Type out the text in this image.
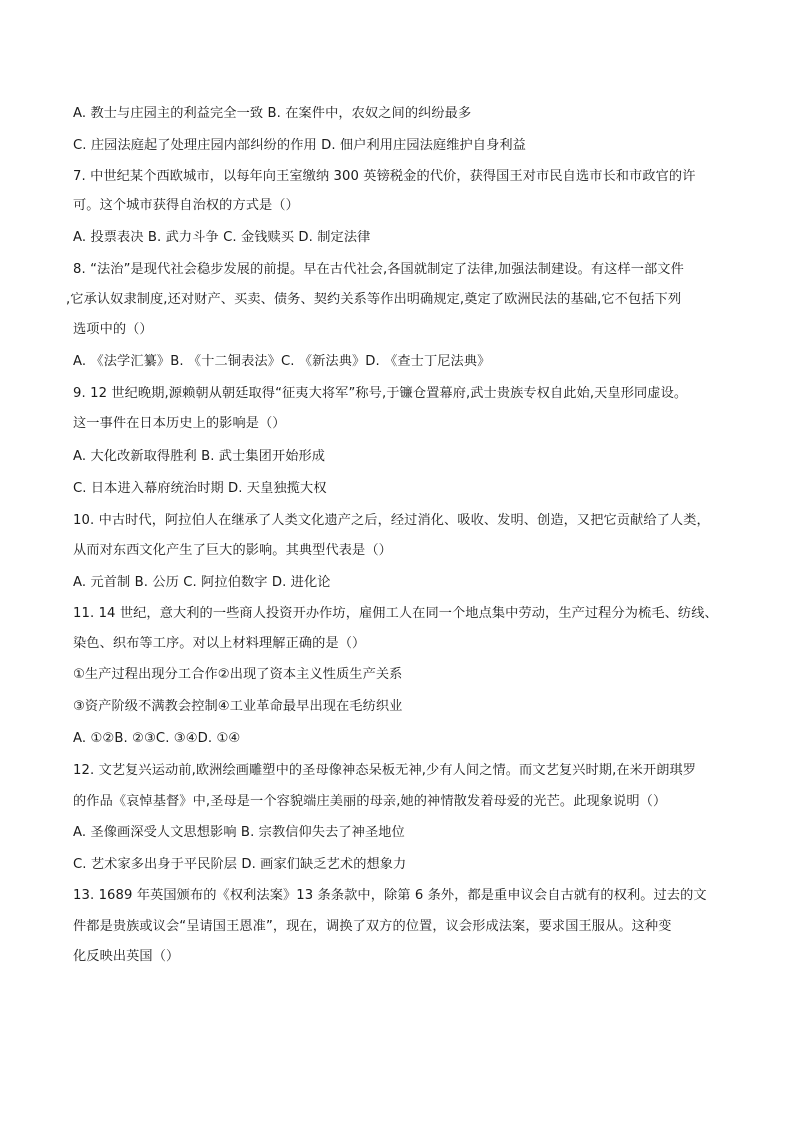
A. 教士与庄园主的利益完全一致 B. 在案件中，农奴之间的纠纷最多
C. 庄园法庭起了处理庄园内部纠纷的作用 D. 佃户利用庄园法庭维护自身利益
7. 中世纪某个西欧城市，以每年向王室缴纳 300 英镑税金的代价，获得国王对市民自选市长和市政官的许
可。这个城市获得自治权的方式是（）
A. 投票表决 B. 武力斗争 C. 金钱赎买 D. 制定法律
8. “法治”是现代社会稳步发展的前提。早在古代社会,各国就制定了法律,加强法制建设。有这样一部文件
,它承认奴隶制度,还对财产、买卖、债务、契约关系等作出明确规定,奠定了欧洲民法的基础,它不包括下列
选项中的（）
A. 《法学汇纂》B. 《十二铜表法》C. 《新法典》D. 《查士丁尼法典》
9. 12 世纪晚期,源赖朝从朝廷取得“征夷大将军”称号,于镰仓置幕府,武士贵族专权自此始,天皇形同虚设。
这一事件在日本历史上的影响是（）
A. 大化改新取得胜利 B. 武士集团开始形成
C. 日本进入幕府统治时期 D. 天皇独揽大权
10. 中古时代，阿拉伯人在继承了人类文化遗产之后，经过消化、吸收、发明、创造，又把它贡献给了人类，
从而对东西文化产生了巨大的影响。其典型代表是（）
A. 元首制 B. 公历 C. 阿拉伯数字 D. 进化论
11. 14 世纪，意大利的一些商人投资开办作坊，雇佣工人在同一个地点集中劳动，生产过程分为梳毛、纺线、
染色、织布等工序。对以上材料理解正确的是（）
①生产过程出现分工合作②出现了资本主义性质生产关系
③资产阶级不满教会控制④工业革命最早出现在毛纺织业
A. ①②B. ②③C. ③④D. ①④
12. 文艺复兴运动前,欧洲绘画雕塑中的圣母像神态呆板无神,少有人间之情。而文艺复兴时期,在米开朗琪罗
的作品《哀悼基督》中,圣母是一个容貌端庄美丽的母亲,她的神情散发着母爱的光芒。此现象说明（）
A. 圣像画深受人文思想影响 B. 宗教信仰失去了神圣地位
C. 艺术家多出身于平民阶层 D. 画家们缺乏艺术的想象力
13. 1689 年英国颁布的《权利法案》13 条条款中，除第 6 条外，都是重申议会自古就有的权利。过去的文
件都是贵族或议会“呈请国王恩准”，现在，调换了双方的位置，议会形成法案，要求国王服从。这种变
化反映出英国（）
